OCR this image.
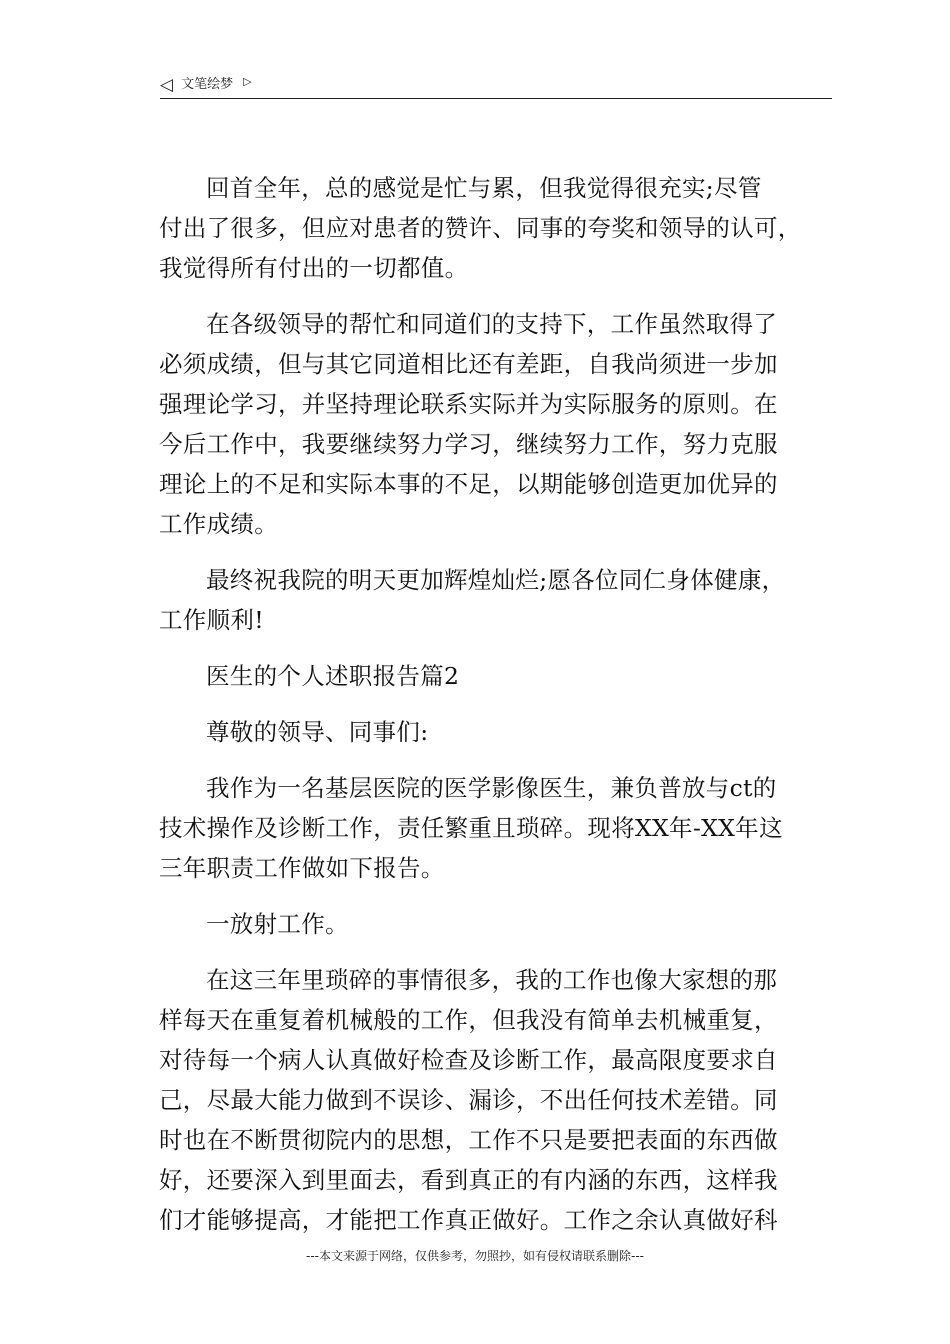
◁ 文笔绘梦 ▷

回首全年，总的感觉是忙与累，但我觉得很充实;尽管
付出了很多，但应对患者的赞许、同事的夸奖和领导的认可，
我觉得所有付出的一切都值。

在各级领导的帮忙和同道们的支持下，工作虽然取得了
必须成绩，但与其它同道相比还有差距，自我尚须进一步加
强理论学习，并坚持理论联系实际并为实际服务的原则。在
今后工作中，我要继续努力学习，继续努力工作，努力克服
理论上的不足和实际本事的不足，以期能够创造更加优异的
工作成绩。

最终祝我院的明天更加辉煌灿烂;愿各位同仁身体健康，
工作顺利!

医生的个人述职报告篇2

尊敬的领导、同事们:

我作为一名基层医院的医学影像医生，兼负普放与ct的
技术操作及诊断工作，责任繁重且琐碎。现将XX年-XX年这
三年职责工作做如下报告。

一放射工作。

在这三年里琐碎的事情很多，我的工作也像大家想的那
样每天在重复着机械般的工作，但我没有简单去机械重复，
对待每一个病人认真做好检查及诊断工作，最高限度要求自
己，尽最大能力做到不误诊、漏诊，不出任何技术差错。同
时也在不断贯彻院内的思想，工作不只是要把表面的东西做
好，还要深入到里面去，看到真正的有内涵的东西，这样我
们才能够提高，才能把工作真正做好。工作之余认真做好科

---本文来源于网络，仅供参考，勿照抄，如有侵权请联系删除---
